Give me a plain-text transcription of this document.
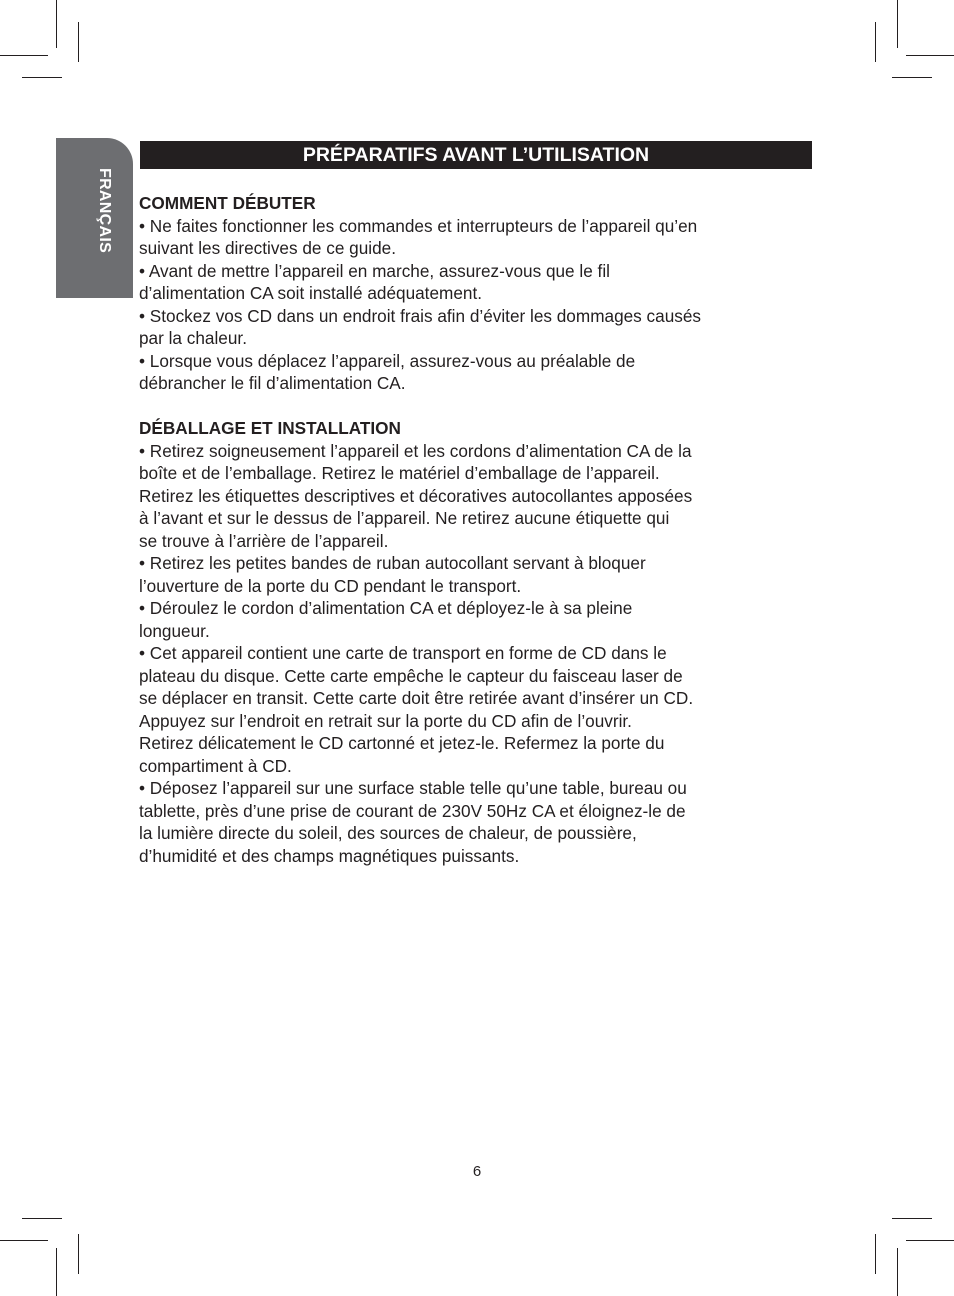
FRANÇAIS
PRÉPARATIFS AVANT L’UTILISATION

COMMENT DÉBUTER

• Ne faites fonctionner les commandes et interrupteurs de l’appareil qu’en

suivant les directives de ce guide.

• Avant de mettre l’appareil en marche, assurez-vous que le fil

d’alimentation CA soit installé adéquatement.

• Stockez vos CD dans un endroit frais afin d’éviter les dommages causés

par la chaleur.

• Lorsque vous déplacez l’appareil, assurez-vous au préalable de

débrancher le fil d’alimentation CA.

DÉBALLAGE ET INSTALLATION

• Retirez soigneusement l’appareil et les cordons d’alimentation CA de la

boîte et de l’emballage. Retirez le matériel d’emballage de l’appareil.

Retirez les étiquettes descriptives et décoratives autocollantes apposées

à l’avant et sur le dessus de l’appareil. Ne retirez aucune étiquette qui

se trouve à l’arrière de l’appareil.

• Retirez les petites bandes de ruban autocollant servant à bloquer

l’ouverture de la porte du CD pendant le transport.

• Déroulez le cordon d’alimentation CA et déployez-le à sa pleine

longueur.

• Cet appareil contient une carte de transport en forme de CD dans le

plateau du disque. Cette carte empêche le capteur du faisceau laser de

se déplacer en transit. Cette carte doit être retirée avant d’insérer un CD.

Appuyez sur l’endroit en retrait sur la porte du CD afin de l’ouvrir.

Retirez délicatement le CD cartonné et jetez-le. Refermez la porte du

compartiment à CD.

• Déposez l’appareil sur une surface stable telle qu’une table, bureau ou

tablette, près d’une prise de courant de 230V 50Hz CA et éloignez-le de

la lumière directe du soleil, des sources de chaleur, de poussière,

d’humidité et des champs magnétiques puissants.

6
